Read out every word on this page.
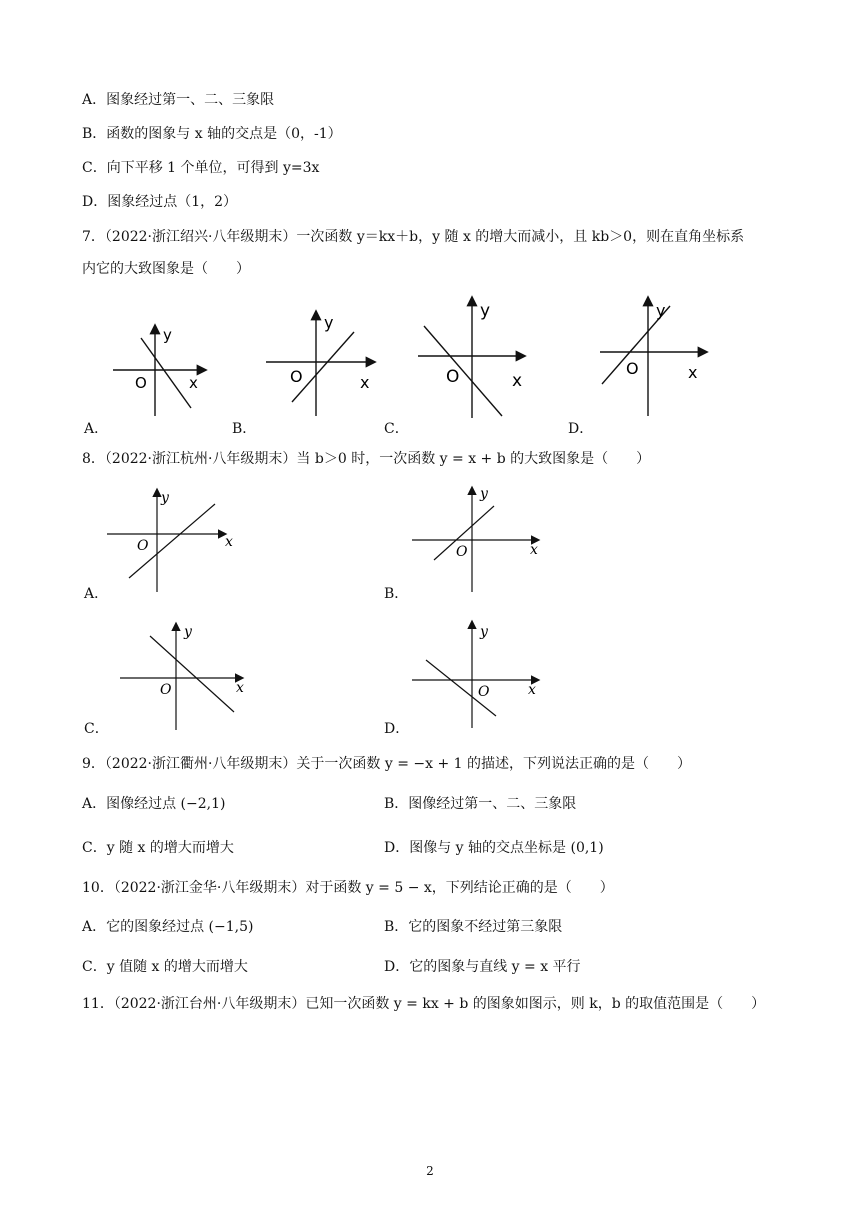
A．图象经过第一、二、三象限
B．函数的图象与 x 轴的交点是（0，-1）
C．向下平移 1 个单位，可得到 y=3x
D．图象经过点（1，2）
7．（2022·浙江绍兴·八年级期末）一次函数 y＝kx＋b，y 随 x 的增大而减小，且 kb＞0，则在直角坐标系
内它的大致图象是（　　）
y
x
O
A．
y
x
O
B．
y
x
O
C．
y
x
O
D．
8．（2022·浙江杭州·八年级期末）当 b＞0 时，一次函数 y = x + b 的大致图象是（　　）
y
x
O
A．
y
x
O
B．
y
x
O
C．
y
x
O
D．
9．（2022·浙江衢州·八年级期末）关于一次函数 y = −x + 1 的描述，下列说法正确的是（　　）
A．图像经过点 (−2,1)	B．图像经过第一、二、三象限
C．y 随 x 的增大而增大	D．图像与 y 轴的交点坐标是 (0,1)
10．（2022·浙江金华·八年级期末）对于函数 y = 5 − x，下列结论正确的是（　　）
A．它的图象经过点 (−1,5)	B．它的图象不经过第三象限
C．y 值随 x 的增大而增大	D．它的图象与直线 y = x 平行
11．（2022·浙江台州·八年级期末）已知一次函数 y = kx + b 的图象如图示，则 k，b 的取值范围是（　　）
2
